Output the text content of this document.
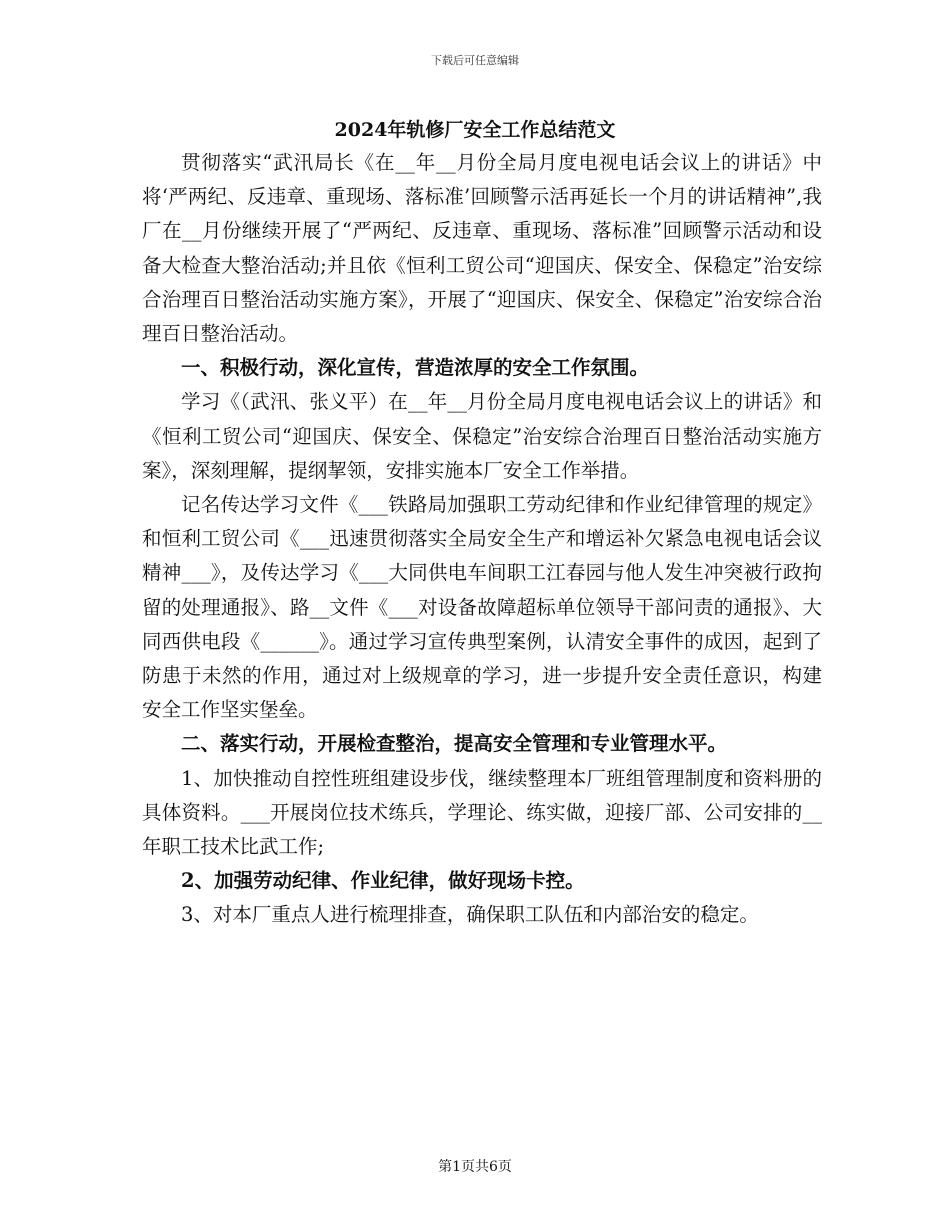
下载后可任意编辑
2024年轨修厂安全工作总结范文

贯彻落实“武汛局长《在__年__月份全局月度电视电话会议上的讲话》中将‘严两纪、反违章、重现场、落标准’回顾警示活再延长一个月的讲话精神”,我厂在__月份继续开展了“严两纪、反违章、重现场、落标准”回顾警示活动和设备大检查大整治活动;并且依《恒利工贸公司“迎国庆、保安全、保稳定”治安综合治理百日整治活动实施方案》，开展了“迎国庆、保安全、保稳定”治安综合治理百日整治活动。

一、积极行动，深化宣传，营造浓厚的安全工作氛围。

学习《（武汛、张义平）在__年__月份全局月度电视电话会议上的讲话》和《恒利工贸公司“迎国庆、保安全、保稳定”治安综合治理百日整治活动实施方案》，深刻理解，提纲挈领，安排实施本厂安全工作举措。

记名传达学习文件《___铁路局加强职工劳动纪律和作业纪律管理的规定》和恒利工贸公司《___迅速贯彻落实全局安全生产和增运补欠紧急电视电话会议精神___》，及传达学习《___大同供电车间职工江春园与他人发生冲突被行政拘留的处理通报》、路__文件《___对设备故障超标单位领导干部问责的通报》、大同西供电段《______》。通过学习宣传典型案例，认清安全事件的成因，起到了防患于未然的作用，通过对上级规章的学习，进一步提升安全责任意识，构建安全工作坚实堡垒。

二、落实行动，开展检查整治，提高安全管理和专业管理水平。

1、加快推动自控性班组建设步伐，继续整理本厂班组管理制度和资料册的具体资料。___开展岗位技术练兵，学理论、练实做，迎接厂部、公司安排的__年职工技术比武工作;

2、加强劳动纪律、作业纪律，做好现场卡控。

3、对本厂重点人进行梳理排查，确保职工队伍和内部治安的稳定。

第1页共6页
